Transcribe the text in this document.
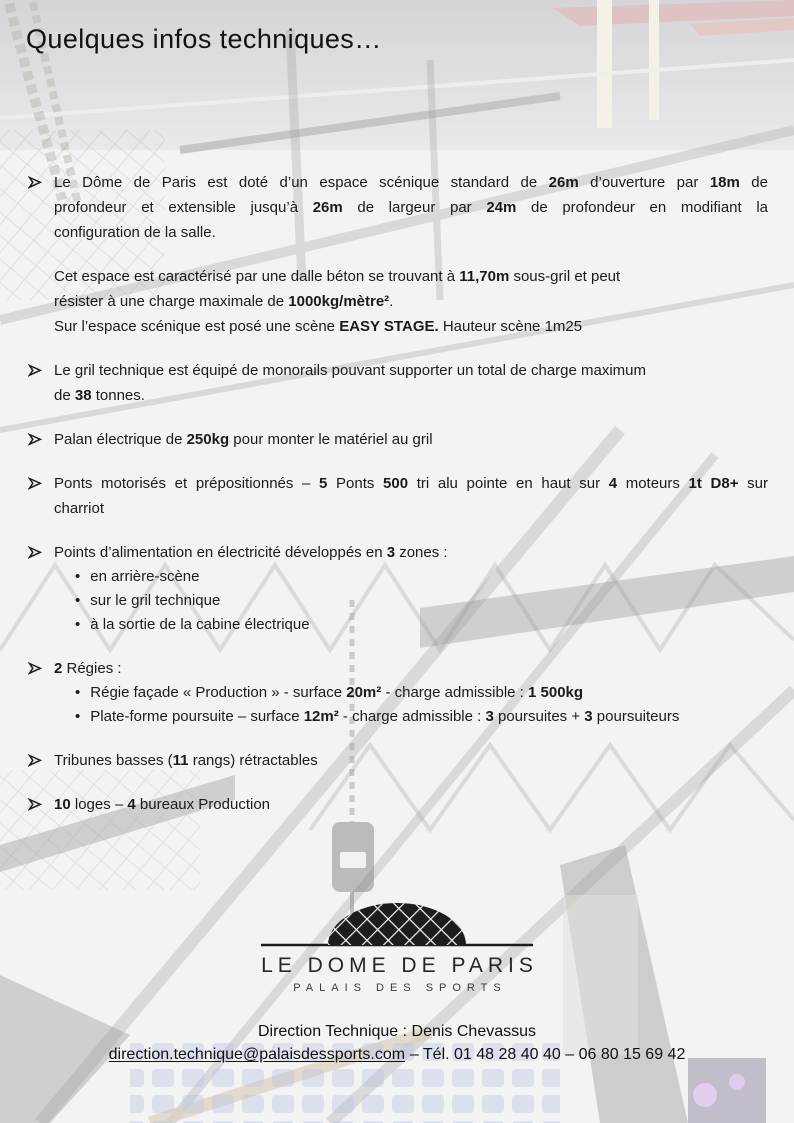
Quelques infos techniques…
Le Dôme de Paris est doté d’un espace scénique standard de 26m d’ouverture par 18m de
profondeur et extensible jusqu’à 26m de largeur par 24m de profondeur en modifiant la
configuration de la salle.
Cet espace est caractérisé par une dalle béton se trouvant à 11,70m sous-gril et peut
résister à une charge maximale de 1000kg/mètre².
Sur l’espace scénique est posé une scène EASY STAGE. Hauteur scène 1m25
Le gril technique est équipé de monorails pouvant supporter un total de charge maximum
de 38 tonnes.
Palan électrique de 250kg pour monter le matériel au gril
Ponts motorisés et prépositionnés – 5 Ponts 500 tri alu pointe en haut sur 4 moteurs 1t D8+ sur
charriot
Points d’alimentation en électricité développés en 3 zones :
• en arrière-scène
• sur le gril technique
• à la sortie de la cabine électrique
2 Régies :
• Régie façade « Production » - surface 20m² - charge admissible : 1 500kg
• Plate-forme poursuite – surface 12m² - charge admissible : 3 poursuites + 3 poursuiteurs
Tribunes basses (11 rangs) rétractables
10 loges – 4 bureaux Production
LE DOME DE PARIS
PALAIS DES SPORTS
Direction Technique : Denis Chevassus
direction.technique@palaisdessports.com – Tél. 01 48 28 40 40 – 06 80 15 69 42
